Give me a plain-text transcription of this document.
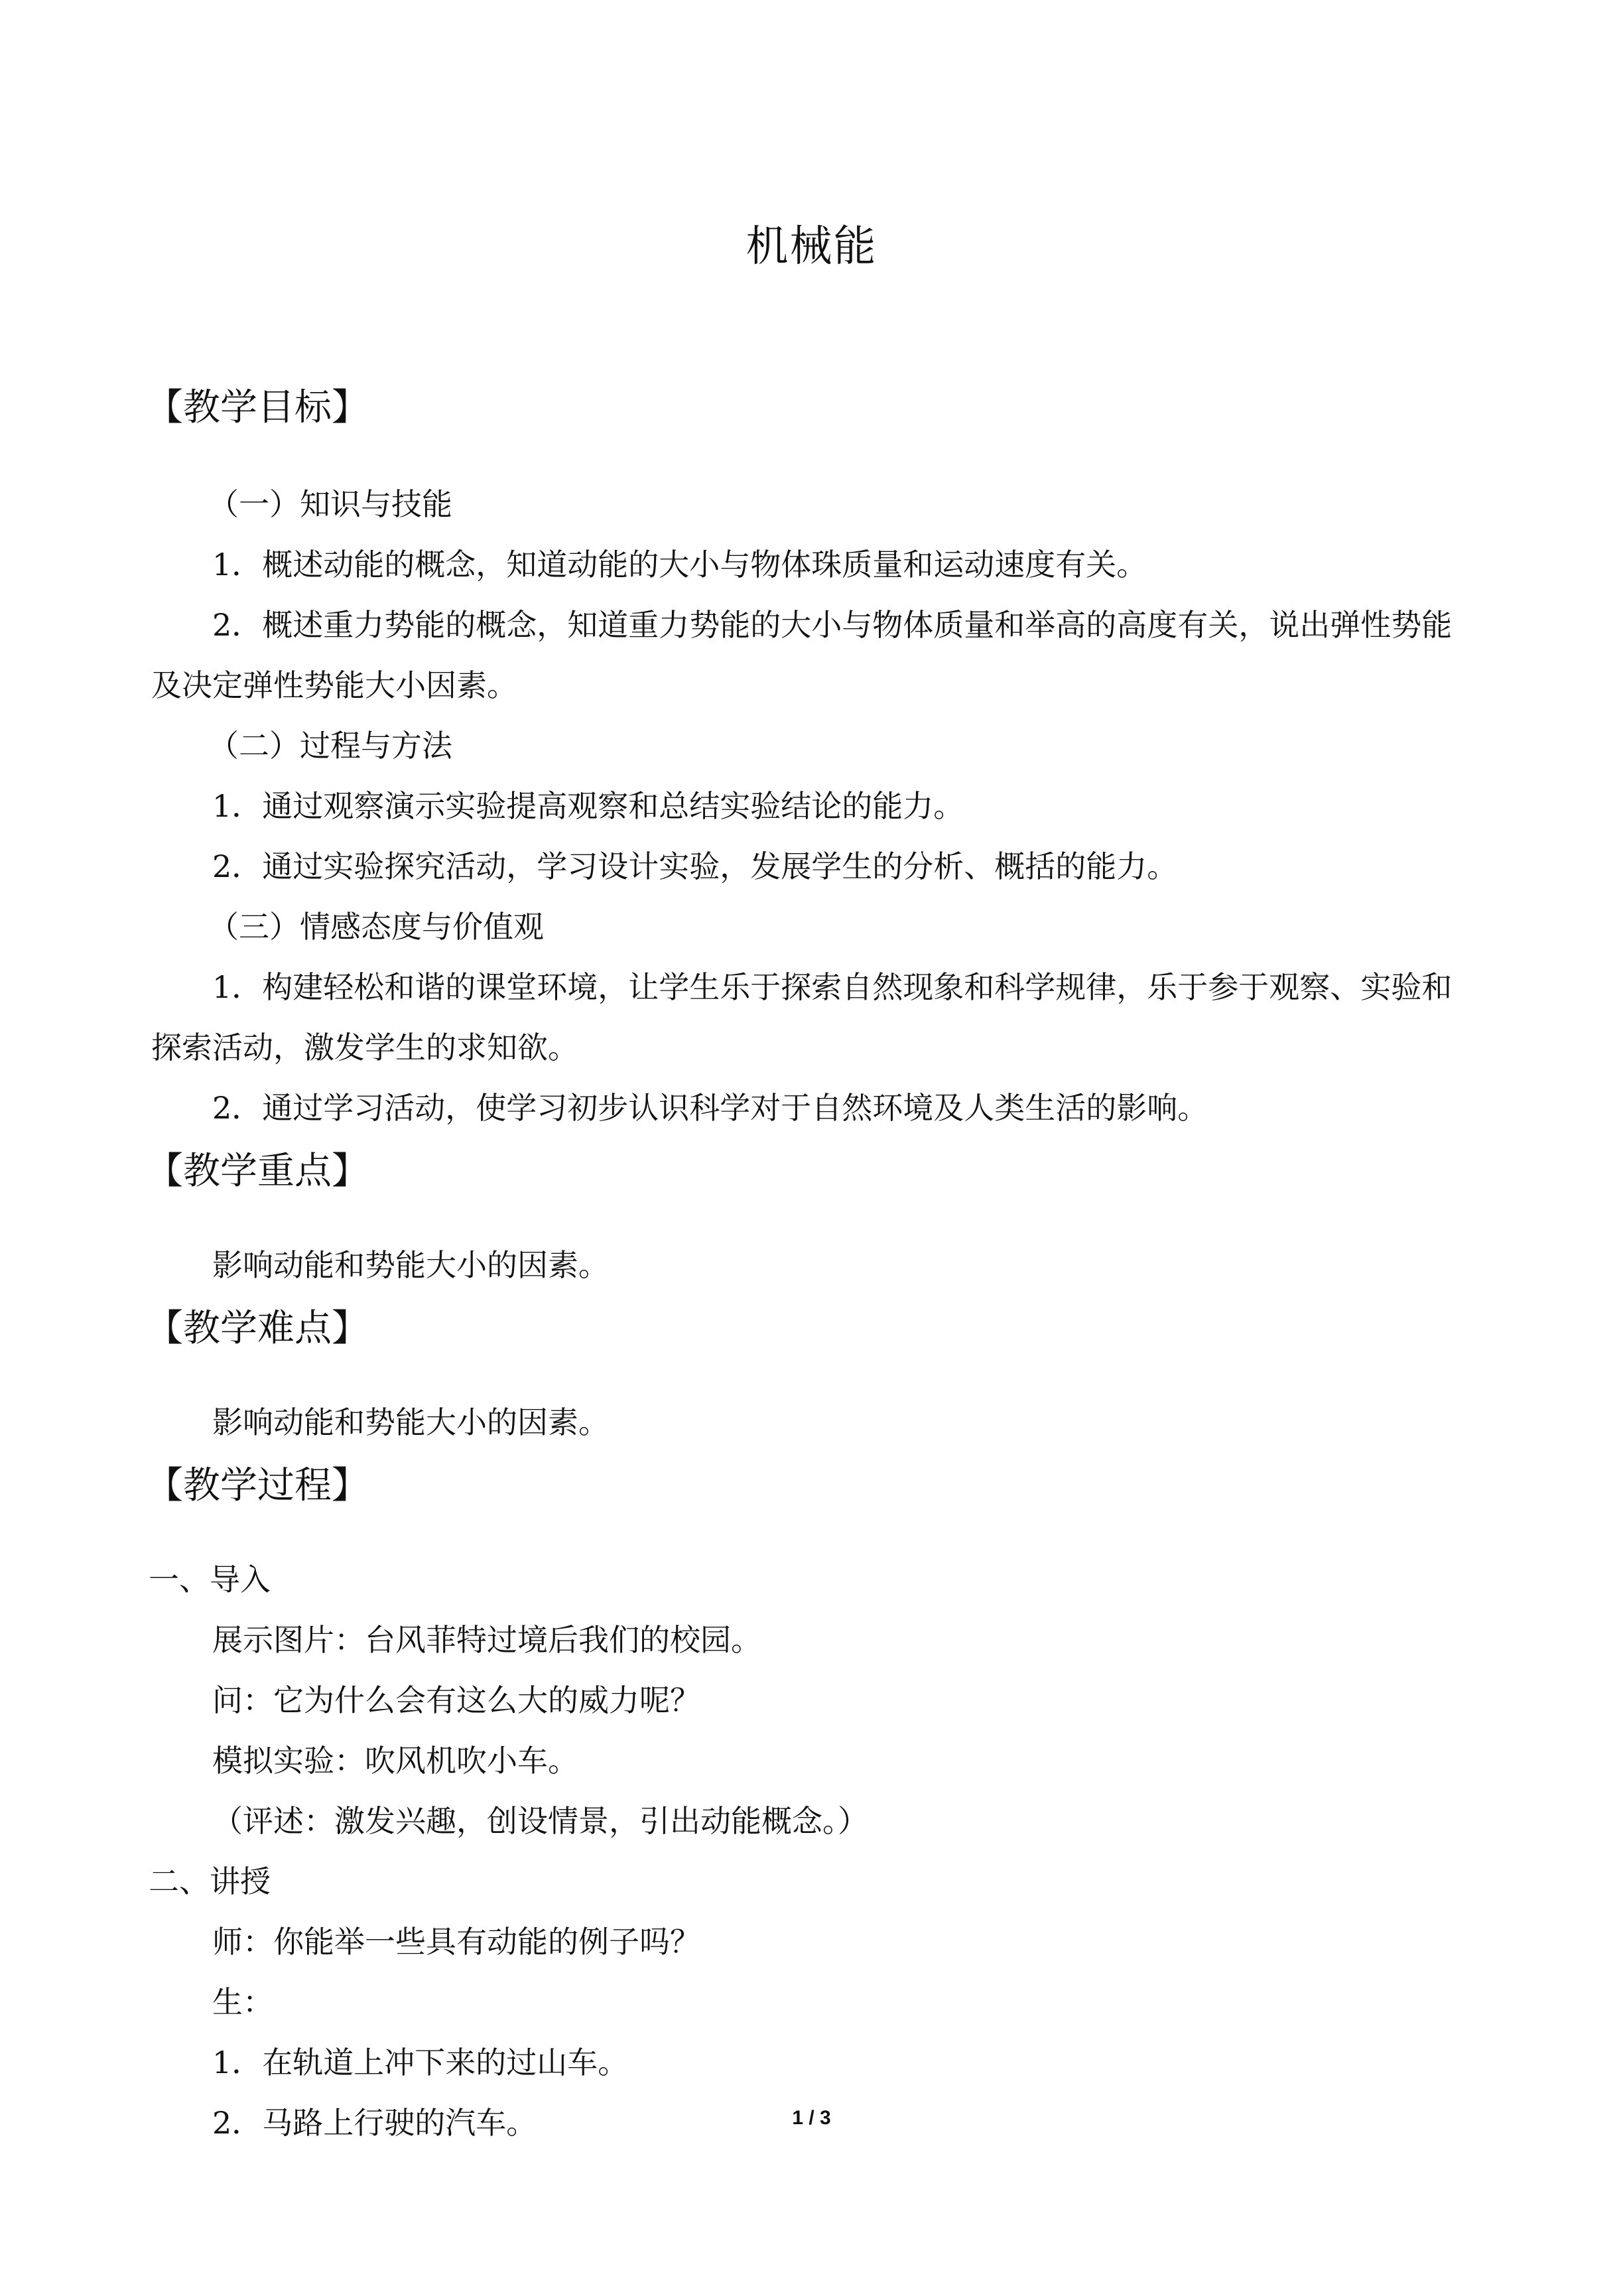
机械能
【教学目标】
（一）知识与技能
1．概述动能的概念，知道动能的大小与物体珠质量和运动速度有关。
2．概述重力势能的概念，知道重力势能的大小与物体质量和举高的高度有关，说出弹性势能及决定弹性势能大小因素。
（二）过程与方法
1．通过观察演示实验提高观察和总结实验结论的能力。
2．通过实验探究活动，学习设计实验，发展学生的分析、概括的能力。
（三）情感态度与价值观
1．构建轻松和谐的课堂环境，让学生乐于探索自然现象和科学规律，乐于参于观察、实验和探索活动，激发学生的求知欲。
2．通过学习活动，使学习初步认识科学对于自然环境及人类生活的影响。
【教学重点】
影响动能和势能大小的因素。
【教学难点】
影响动能和势能大小的因素。
【教学过程】
一、导入
展示图片：台风菲特过境后我们的校园。
问：它为什么会有这么大的威力呢？
模拟实验：吹风机吹小车。
（评述：激发兴趣，创设情景，引出动能概念。）
二、讲授
师：你能举一些具有动能的例子吗？
生：
1．在轨道上冲下来的过山车。
2．马路上行驶的汽车。	1 / 3
